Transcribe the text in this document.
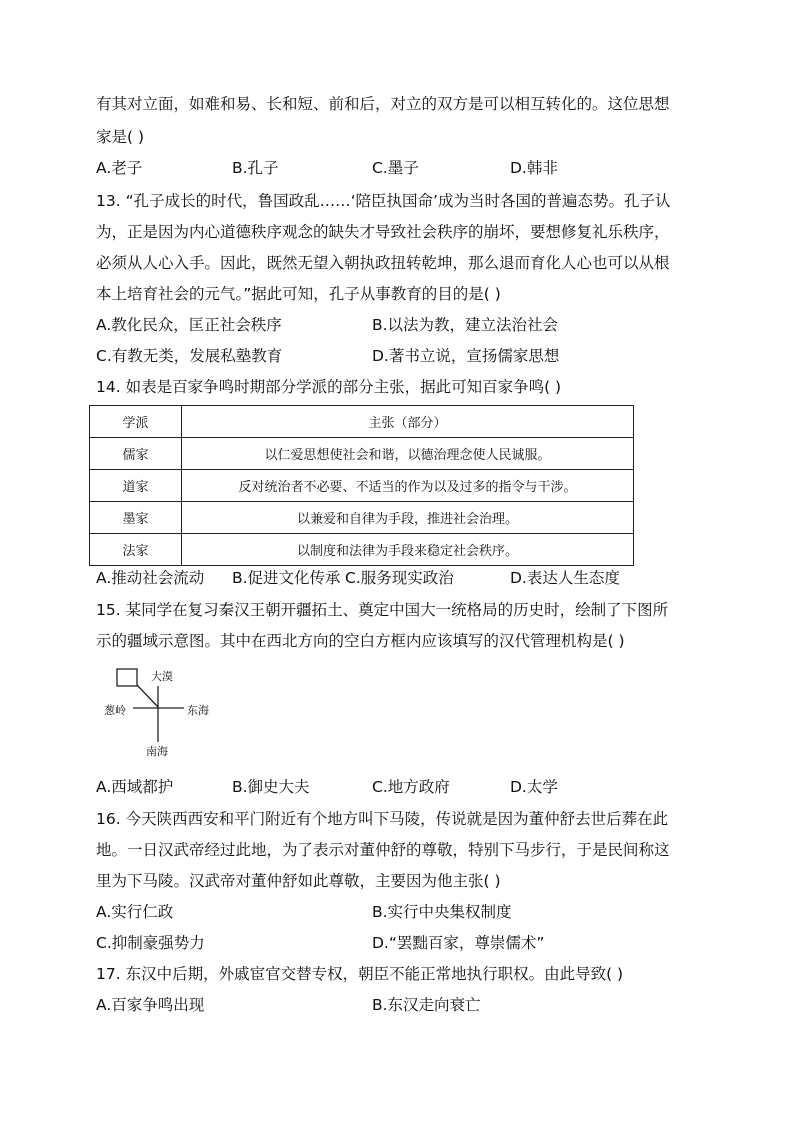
有其对立面，如难和易、长和短、前和后，对立的双方是可以相互转化的。这位思想
家是( )
A.老子	B.孔子	C.墨子	D.韩非
13. “孔子成长的时代，鲁国政乱……‘陪臣执国命’成为当时各国的普遍态势。孔子认
为，正是因为内心道德秩序观念的缺失才导致社会秩序的崩坏，要想修复礼乐秩序，
必须从人心入手。因此，既然无望入朝执政扭转乾坤，那么退而育化人心也可以从根
本上培育社会的元气。”据此可知，孔子从事教育的目的是( )
A.教化民众，匡正社会秩序	B.以法为教，建立法治社会
C.有教无类，发展私塾教育	D.著书立说，宣扬儒家思想
14. 如表是百家争鸣时期部分学派的部分主张，据此可知百家争鸣( )
学派	主张（部分）
儒家	以仁爱思想使社会和谐，以德治理念使人民诚服。
道家	反对统治者不必要、不适当的作为以及过多的指令与干涉。
墨家	以兼爱和自律为手段，推进社会治理。
法家	以制度和法律为手段来稳定社会秩序。
A.推动社会流动 B.促进文化传承 C.服务现实政治	D.表达人生态度
15. 某同学在复习秦汉王朝开疆拓土、奠定中国大一统格局的历史时，绘制了下图所
示的疆域示意图。其中在西北方向的空白方框内应该填写的汉代管理机构是( )
大漠
葱岭	东海
南海
A.西域都护	B.御史大夫	C.地方政府	D.太学
16. 今天陕西西安和平门附近有个地方叫下马陵，传说就是因为董仲舒去世后葬在此
地。一日汉武帝经过此地，为了表示对董仲舒的尊敬，特别下马步行，于是民间称这
里为下马陵。汉武帝对董仲舒如此尊敬，主要因为他主张( )
A.实行仁政	B.实行中央集权制度
C.抑制豪强势力	D.“罢黜百家，尊崇儒术”
17. 东汉中后期，外戚宦官交替专权，朝臣不能正常地执行职权。由此导致( )
A.百家争鸣出现	B.东汉走向衰亡
